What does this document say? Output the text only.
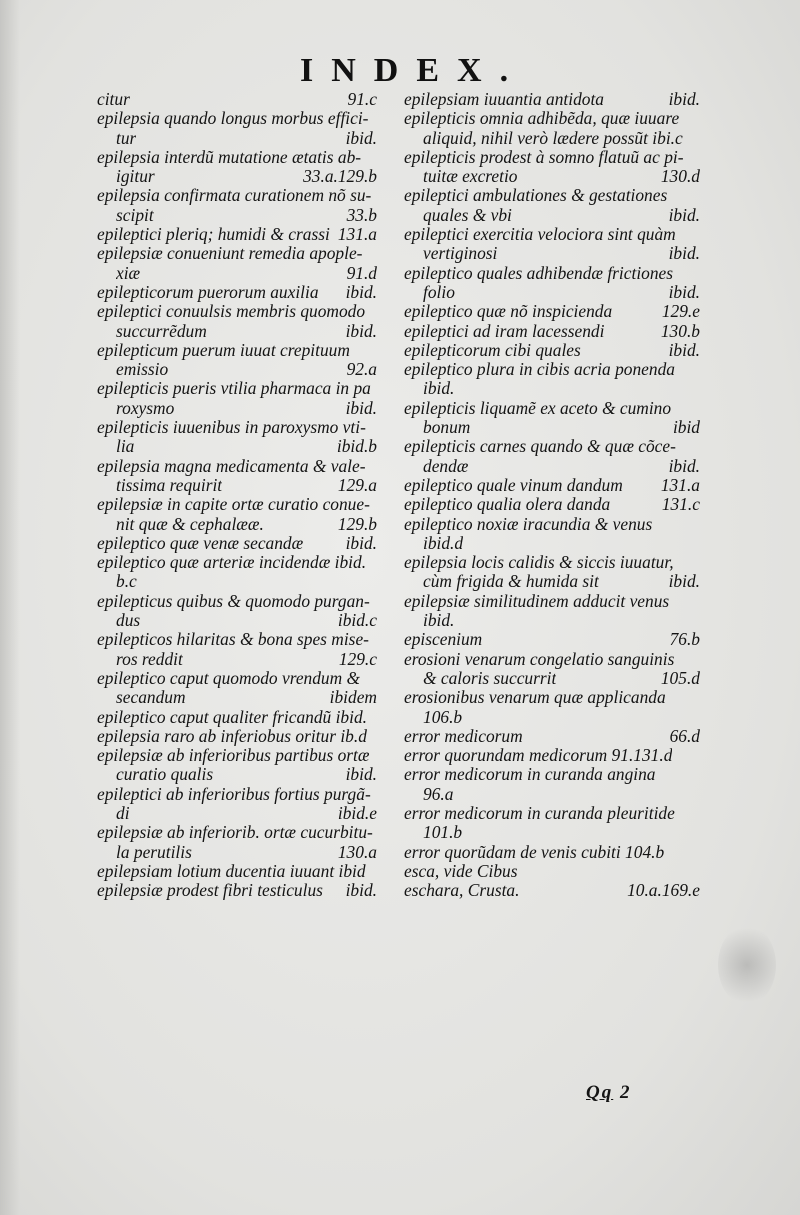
INDEX.
citur	91.c
epilepsia quando longus morbus effici-
tur	ibid.
epilepsia interdũ mutatione ætatis ab-
igitur	33.a.129.b
epilepsia confirmata curationem nõ su-
scipit	33.b
epileptici pleriq; humidi & crassi 131.a
epilepsiæ conueniunt remedia apople-
xiæ	91.d
epilepticorum puerorum auxilia	ibid.
epileptici conuulsis membris quomodo
succurrẽdum	ibid.
epilepticum puerum iuuat crepituum
emissio	92.a
epilepticis pueris vtilia pharmaca in pa
roxysmo	ibid.
epilepticis iuuenibus in paroxysmo vti-
lia	ibid.b
epilepsia magna medicamenta & vale-
tissima requirit	129.a
epilepsiæ in capite ortæ curatio conue-
nit quæ & cephalææ.	129.b
epileptico quæ venæ secandæ	ibid.
epileptico quæ arteriæ incidendæ ibid.
b.c
epilepticus quibus & quomodo purgan-
dus	ibid.c
epilepticos hilaritas & bona spes mise-
ros reddit	129.c
epileptico caput quomodo vrendum &
secandum	ibidem
epileptico caput qualiter fricandũ ibid.
epilepsia raro ab inferiobus oritur ib.d
epilepsiæ ab inferioribus partibus ortæ
curatio qualis	ibid.
epileptici ab inferioribus fortius purgã-
di	ibid.e
epilepsiæ ab inferiorib. ortæ cucurbitu-
la perutilis	130.a
epilepsiam lotium ducentia iuuant ibid
epilepsiæ prodest fibri testiculus	ibid.
epilepsiam iuuantia antidota	ibid.
epilepticis omnia adhibẽda, quæ iuuare
aliquid, nihil verò lædere possũt ibi.c
epilepticis prodest à somno flatuũ ac pi-
tuitæ excretio	130.d
epileptici ambulationes & gestationes
quales & vbi	ibid.
epileptici exercitia velociora sint quàm
vertiginosi	ibid.
epileptico quales adhibendæ frictiones
folio	ibid.
epileptico quæ nõ inspicienda	129.e
epileptici ad iram lacessendi	130.b
epilepticorum cibi quales	ibid.
epileptico plura in cibis acria ponenda
ibid.
epilepticis liquamẽ ex aceto & cumino
bonum	ibid
epilepticis carnes quando & quæ cõce-
dendæ	ibid.
epileptico quale vinum dandum	131.a
epileptico qualia olera danda	131.c
epileptico noxiæ iracundia & venus
ibid.d
epilepsia locis calidis & siccis iuuatur,
cùm frigida & humida sit	ibid.
epilepsiæ similitudinem adducit venus
ibid.
episcenium	76.b
erosioni venarum congelatio sanguinis
& caloris succurrit	105.d
erosionibus venarum quæ applicanda
106.b
error medicorum	66.d
error quorundam medicorum 91.131.d
error medicorum in curanda angina
96.a
error medicorum in curanda pleuritide
101.b
error quorũdam de venis cubiti 104.b
esca, vide Cibus
eschara, Crusta.	10.a.169.e
Qq 2
